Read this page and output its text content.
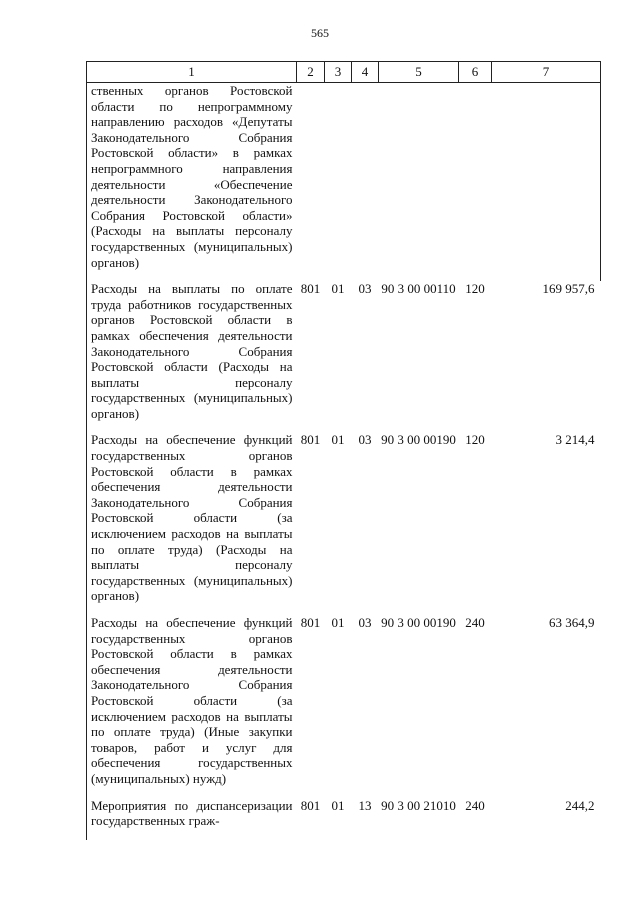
565
1	2	3	4	5	6	7
ственных органов Ростовской области по непрограммному направлению расходов «Депутаты Законодательного Собрания Ростовской области» в рамках непрограммного направления деятельности «Обеспечение деятельности Законодательного Собрания Ростовской области» (Расходы на выплаты персоналу государственных (муниципальных) органов)						
Расходы на выплаты по оплате труда работников государственных органов Ростовской области в рамках обеспечения деятельности Законодательного Собрания Ростовской области (Расходы на выплаты персоналу государственных (муниципальных) органов)	801	01	03	90 3 00 00110	120	169 957,6
Расходы на обеспечение функций государственных органов Ростовской области в рамках обеспечения деятельности Законодательного Собрания Ростовской области (за исключением расходов на выплаты по оплате труда) (Расходы на выплаты персоналу государственных (муниципальных) органов)	801	01	03	90 3 00 00190	120	3 214,4
Расходы на обеспечение функций государственных органов Ростовской области в рамках обеспечения деятельности Законодательного Собрания Ростовской области (за исключением расходов на выплаты по оплате труда) (Иные закупки товаров, работ и услуг для обеспечения государственных (муниципальных) нужд)	801	01	03	90 3 00 00190	240	63 364,9
Мероприятия по диспансеризации государственных граж-	801	01	13	90 3 00 21010	240	244,2
